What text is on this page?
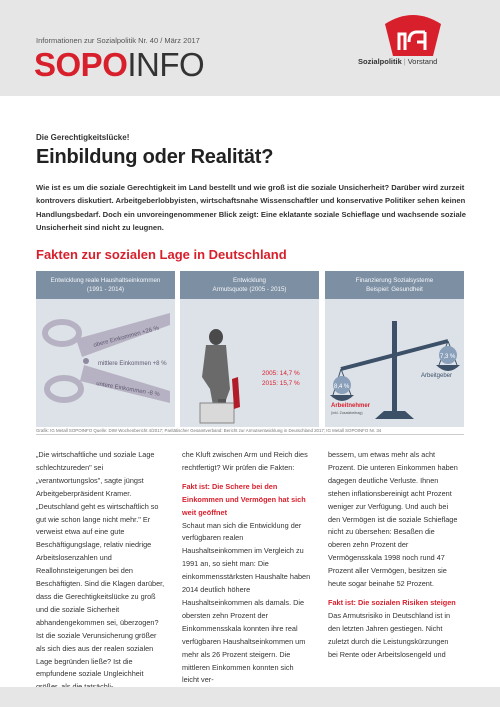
Informationen zur Sozialpolitik Nr. 40 / März 2017
SOPOINFO	Sozialpolitik | Vorstand
Die Gerechtigkeitslücke!
Einbildung oder Realität?

Wie ist es um die soziale Gerechtigkeit im Land bestellt und wie groß ist die soziale Unsicherheit? Darüber wird zurzeit kontrovers diskutiert. Arbeitgeberlobbyisten, wirtschaftsnahe Wissenschaftler und konservative Politiker sehen keinen Handlungsbedarf. Doch ein unvoreingenommener Blick zeigt: Eine eklatante soziale Schieflage und wachsende soziale Unsicherheit sind nicht zu leugnen.

Fakten zur sozialen Lage in Deutschland
Entwicklung reale Haushaltseinkommen
(1991 - 2014)
obere Einkommen +26 %
mittlere Einkommen +8 %
untere Einkommen -8 %
Entwicklung
Armutsquote (2005 - 2015)
2005: 14,7 %
2015: 15,7 %
Finanzierung Sozialsysteme
Beispiel: Gesundheit
8,4 %
7,3 %
Arbeitnehmer
(inkl. Zusatzbeitrag)
Arbeitgeber
Grafik: IG Metall SOPOINFO Quelle: DIW Wochenbericht 4/2017; Paritätischer Gesamtverband: Bericht zur Armutsentwicklung in Deutschland 2017; IG Metall SOPOINFO Nr. 34

„Die wirtschaftliche und soziale Lage schlechtzureden" sei „verantwortungslos", sagte jüngst Arbeitgeberpräsident Kramer. „Deutschland geht es wirtschaftlich so gut wie schon lange nicht mehr." Er verweist etwa auf eine gute Beschäftigungslage, relativ niedrige Arbeitslosenzahlen und Reallohnsteigerungen bei den Beschäftigten. Sind die Klagen darüber, dass die Gerechtigkeitslücke zu groß und die soziale Sicherheit abhandengekommen sei, überzogen? Ist die soziale Verunsicherung größer als sich dies aus der realen sozialen Lage begründen ließe? Ist die empfundene soziale Ungleichheit

che Kluft zwischen Arm und Reich dies rechtfertigt? Wir prüfen die Fakten:

Fakt ist: Die Schere bei den Einkommen und Vermögen hat sich weit geöffnet

Schaut man sich die Entwicklung der verfügbaren realen Haushaltseinkommen im Vergleich zu 1991 an, so sieht man: Die einkommensstärksten Haushalte haben 2014 deutlich höhere Haushaltseinkommen als damals. Die obersten zehn Prozent der Einkommensskala konnten ihre real verfügbaren Haushaltseinkommen um mehr als 26 Prozent steigern. Die mittleren Einkommen konnten sich leicht ver-

bessern, um etwas mehr als acht Prozent. Die unteren Einkommen haben dagegen deutliche Verluste. Ihnen stehen inflationsbereinigt acht Prozent weniger zur Verfügung. Und auch bei den Vermögen ist die soziale Schieflage nicht zu übersehen: Besaßen die oberen zehn Prozent der Vermögensskala 1998 noch rund 47 Prozent aller Vermögen, besitzen sie heute sogar beinahe 52 Prozent.

Fakt ist: Die sozialen Risiken steigen

Das Armutsrisiko in Deutschland ist in den letzten Jahren gestiegen. Nicht zuletzt durch die Leistungskürzungen bei Rente oder Arbeitslosengeld und
